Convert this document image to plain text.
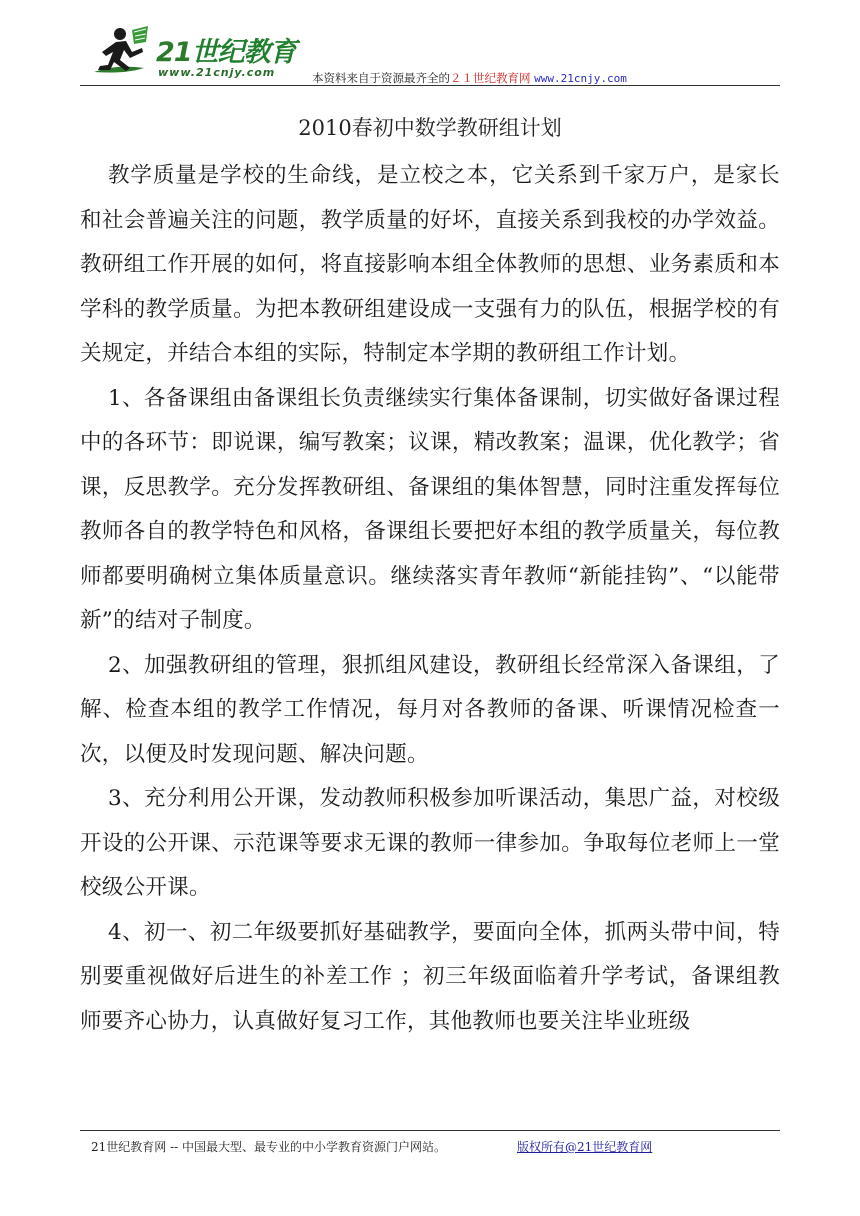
21世纪教育
www.21cnjy.com	本资料来自于资源最齐全的２１世纪教育网 www.21cnjy.com
2010春初中数学教研组计划

教学质量是学校的生命线，是立校之本，它关系到千家万户，是家长和社会普遍关注的问题，教学质量的好坏，直接关系到我校的办学效益。教研组工作开展的如何，将直接影响本组全体教师的思想、业务素质和本学科的教学质量。为把本教研组建设成一支强有力的队伍，根据学校的有关规定，并结合本组的实际，特制定本学期的教研组工作计划。

1、各备课组由备课组长负责继续实行集体备课制，切实做好备课过程中的各环节：即说课，编写教案；议课，精改教案；温课，优化教学；省课，反思教学。充分发挥教研组、备课组的集体智慧，同时注重发挥每位教师各自的教学特色和风格，备课组长要把好本组的教学质量关，每位教师都要明确树立集体质量意识。继续落实青年教师“新能挂钩”、“以能带新”的结对子制度。

2、加强教研组的管理，狠抓组风建设，教研组长经常深入备课组，了解、检查本组的教学工作情况，每月对各教师的备课、听课情况检查一次，以便及时发现问题、解决问题。

3、充分利用公开课，发动教师积极参加听课活动，集思广益，对校级开设的公开课、示范课等要求无课的教师一律参加。争取每位老师上一堂校级公开课。

4、初一、初二年级要抓好基础教学，要面向全体，抓两头带中间，特别要重视做好后进生的补差工作 ；初三年级面临着升学考试，备课组教师要齐心协力，认真做好复习工作，其他教师也要关注毕业班级

21世纪教育网 -- 中国最大型、最专业的中小学教育资源门户网站。	版权所有@21世纪教育网
